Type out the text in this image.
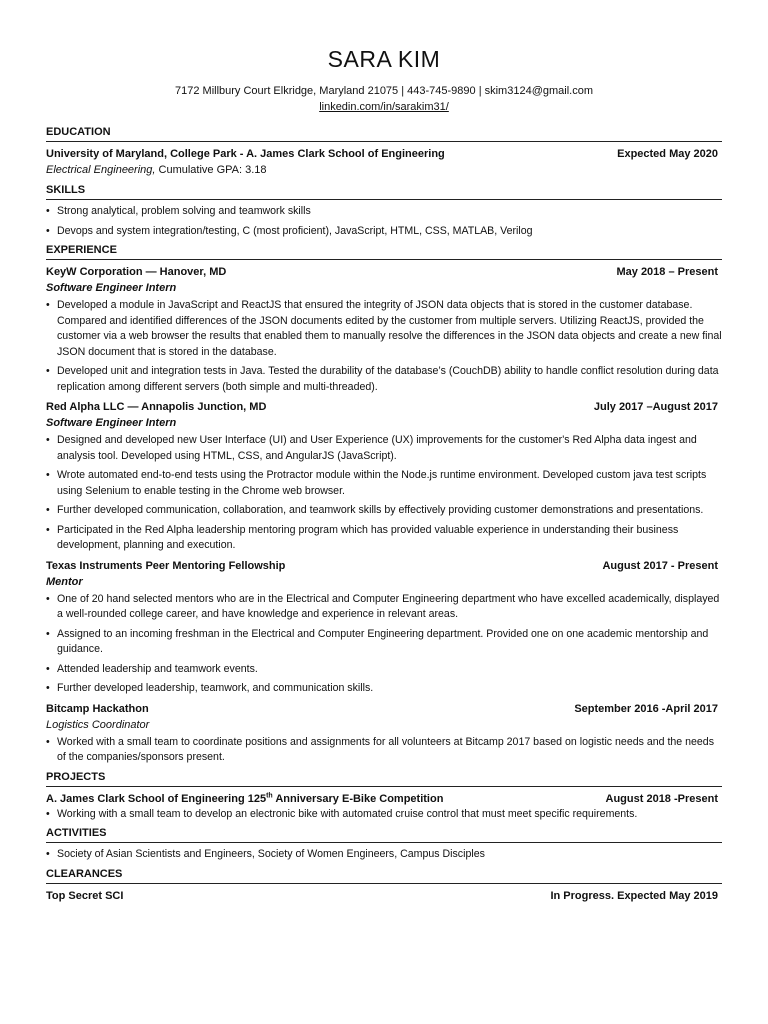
SARA KIM
7172 Millbury Court Elkridge, Maryland 21075 | 443-745-9890 | skim3124@gmail.com
linkedin.com/in/sarakim31/
EDUCATION
University of Maryland, College Park - A. James Clark School of Engineering	Expected May 2020
Electrical Engineering, Cumulative GPA: 3.18
SKILLS
• Strong analytical, problem solving and teamwork skills
• Devops and system integration/testing, C (most proficient), JavaScript, HTML, CSS, MATLAB, Verilog
EXPERIENCE
KeyW Corporation — Hanover, MD	May 2018 – Present
Software Engineer Intern
• Developed a module in JavaScript and ReactJS that ensured the integrity of JSON data objects that is stored in the customer database. Compared and identified differences of the JSON documents edited by the customer from multiple servers. Utilizing ReactJS, provided the customer via a web browser the results that enabled them to manually resolve the differences in the JSON data objects and create a new final JSON document that is stored in the database.
• Developed unit and integration tests in Java. Tested the durability of the database’s (CouchDB) ability to handle conflict resolution during data replication among different servers (both simple and multi-threaded).
Red Alpha LLC — Annapolis Junction, MD	July 2017 –August 2017
Software Engineer Intern
• Designed and developed new User Interface (UI) and User Experience (UX) improvements for the customer's Red Alpha data ingest and analysis tool. Developed using HTML, CSS, and AngularJS (JavaScript).
• Wrote automated end-to-end tests using the Protractor module within the Node.js runtime environment. Developed custom java test scripts using Selenium to enable testing in the Chrome web browser.
• Further developed communication, collaboration, and teamwork skills by effectively providing customer demonstrations and presentations.
• Participated in the Red Alpha leadership mentoring program which has provided valuable experience in understanding their business development, planning and execution.
Texas Instruments Peer Mentoring Fellowship	August 2017 - Present
Mentor
• One of 20 hand selected mentors who are in the Electrical and Computer Engineering department who have excelled academically, displayed a well-rounded college career, and have knowledge and experience in relevant areas.
• Assigned to an incoming freshman in the Electrical and Computer Engineering department. Provided one on one academic mentorship and guidance.
• Attended leadership and teamwork events.
• Further developed leadership, teamwork, and communication skills.
Bitcamp Hackathon	September 2016 -April 2017
Logistics Coordinator
• Worked with a small team to coordinate positions and assignments for all volunteers at Bitcamp 2017 based on logistic needs and the needs of the companies/sponsors present.
PROJECTS
A. James Clark School of Engineering 125th Anniversary E-Bike Competition	August 2018 -Present
• Working with a small team to develop an electronic bike with automated cruise control that must meet specific requirements.
ACTIVITIES
• Society of Asian Scientists and Engineers, Society of Women Engineers, Campus Disciples
CLEARANCES
Top Secret SCI	In Progress. Expected May 2019
